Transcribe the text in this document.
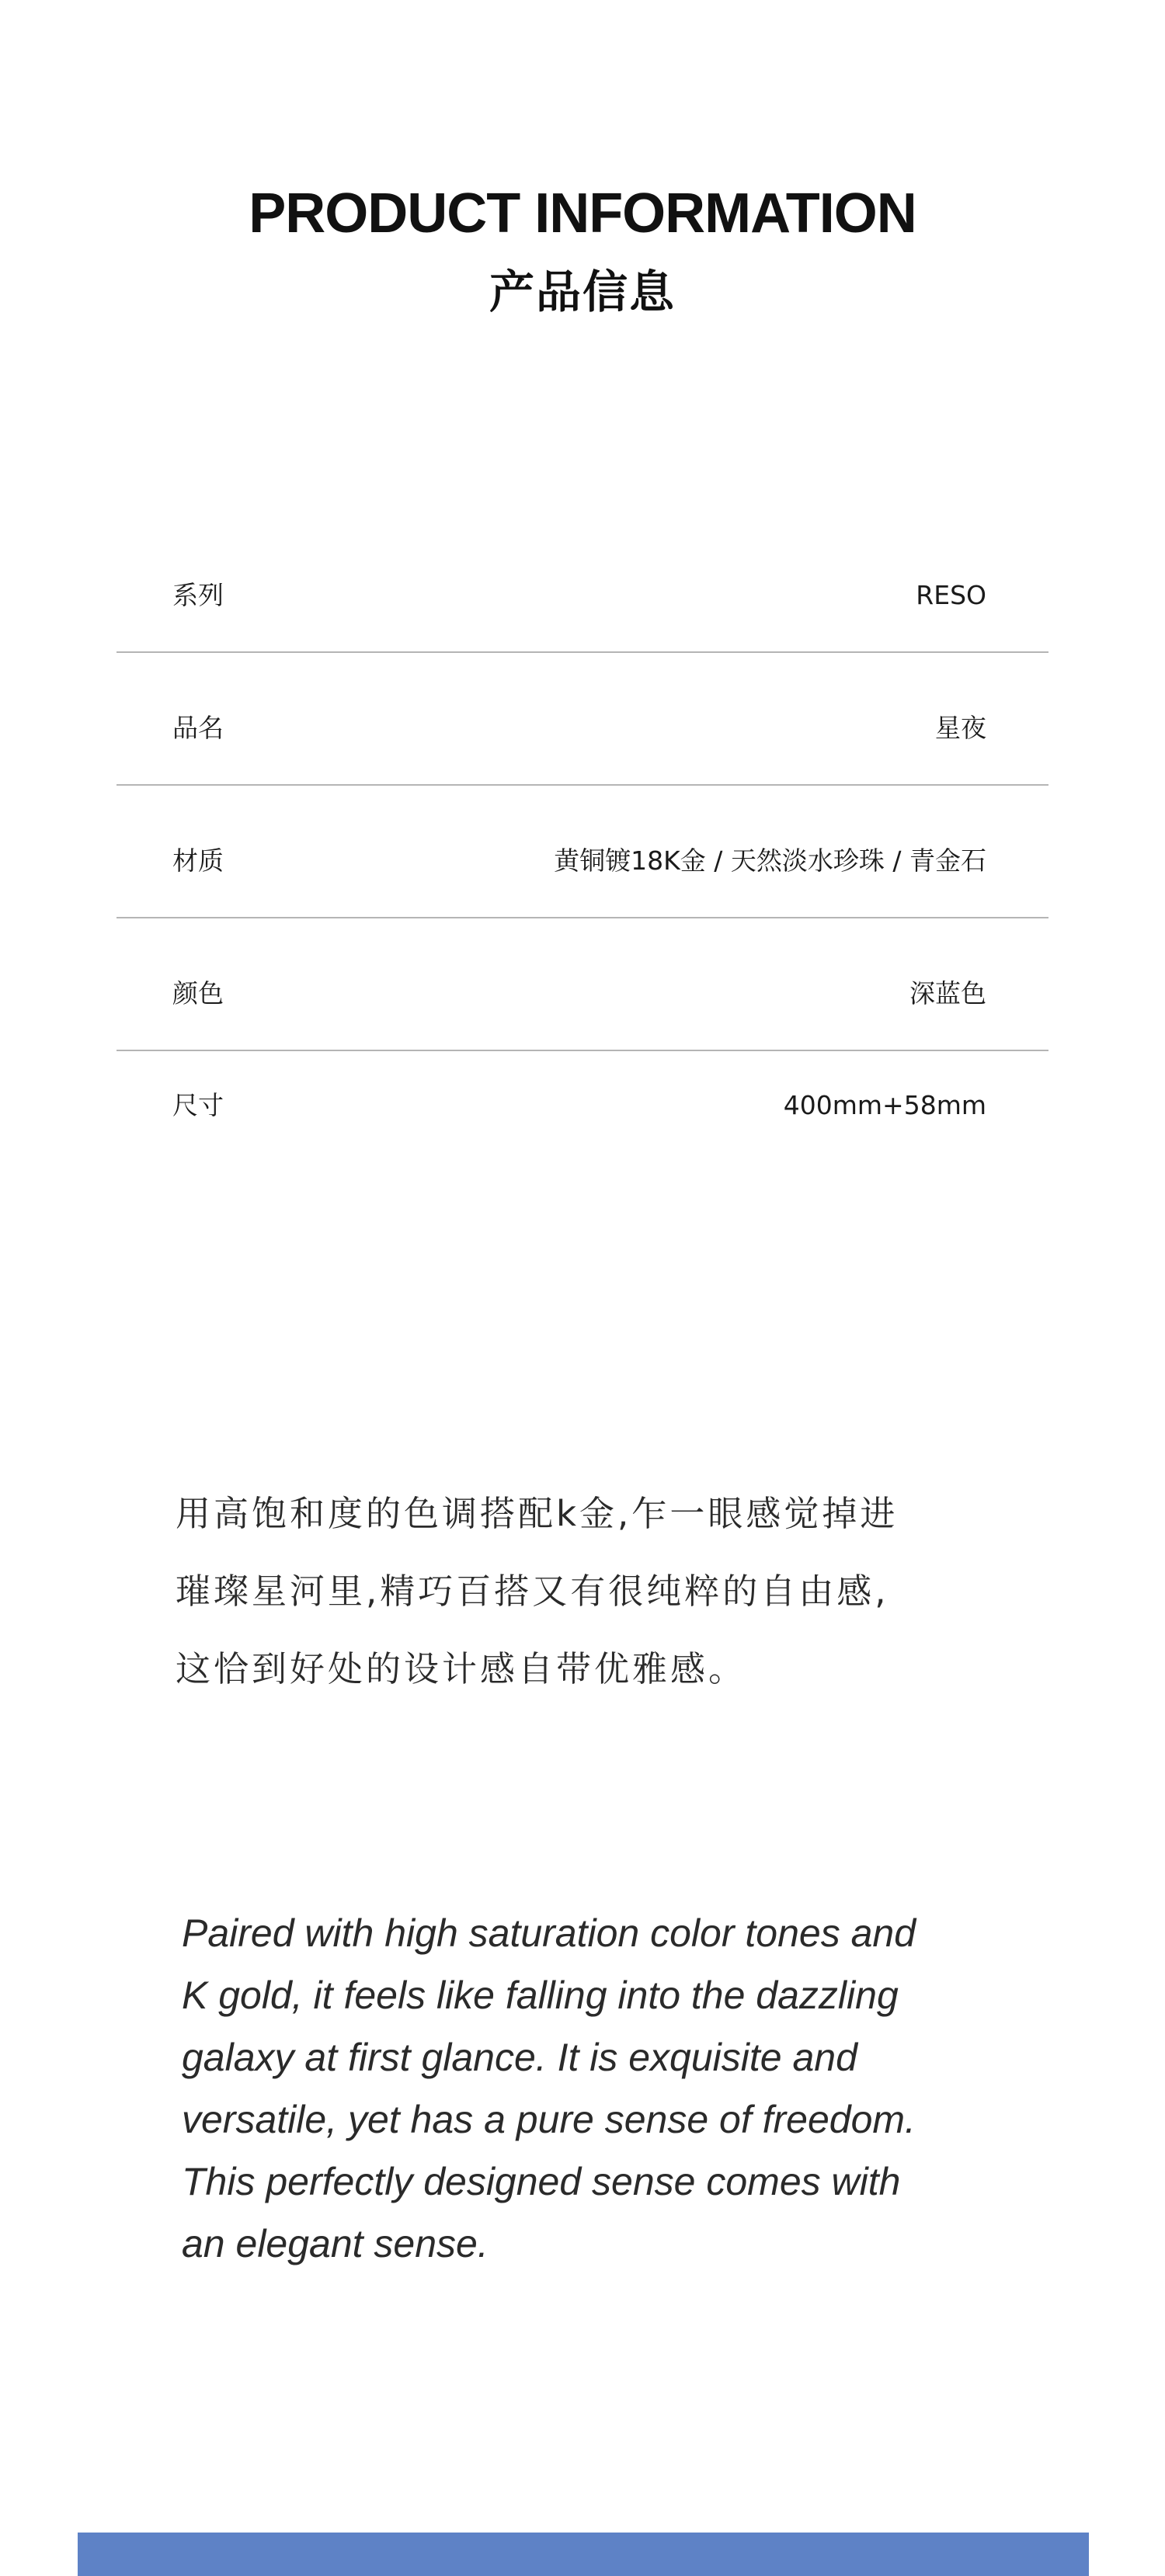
PRODUCT INFORMATION
产品信息
系列	RESO
品名	星夜
材质	黄铜镀18K金 / 天然淡水珍珠 / 青金石
颜色	深蓝色
尺寸	400mm+58mm

用高饱和度的色调搭配k金,乍一眼感觉掉进

璀璨星河里,精巧百搭又有很纯粹的自由感,

这恰到好处的设计感自带优雅感。

Paired with high saturation color tones and

K gold, it feels like falling into the dazzling

galaxy at first glance. It is exquisite and

versatile, yet has a pure sense of freedom.

This perfectly designed sense comes with

an elegant sense.
